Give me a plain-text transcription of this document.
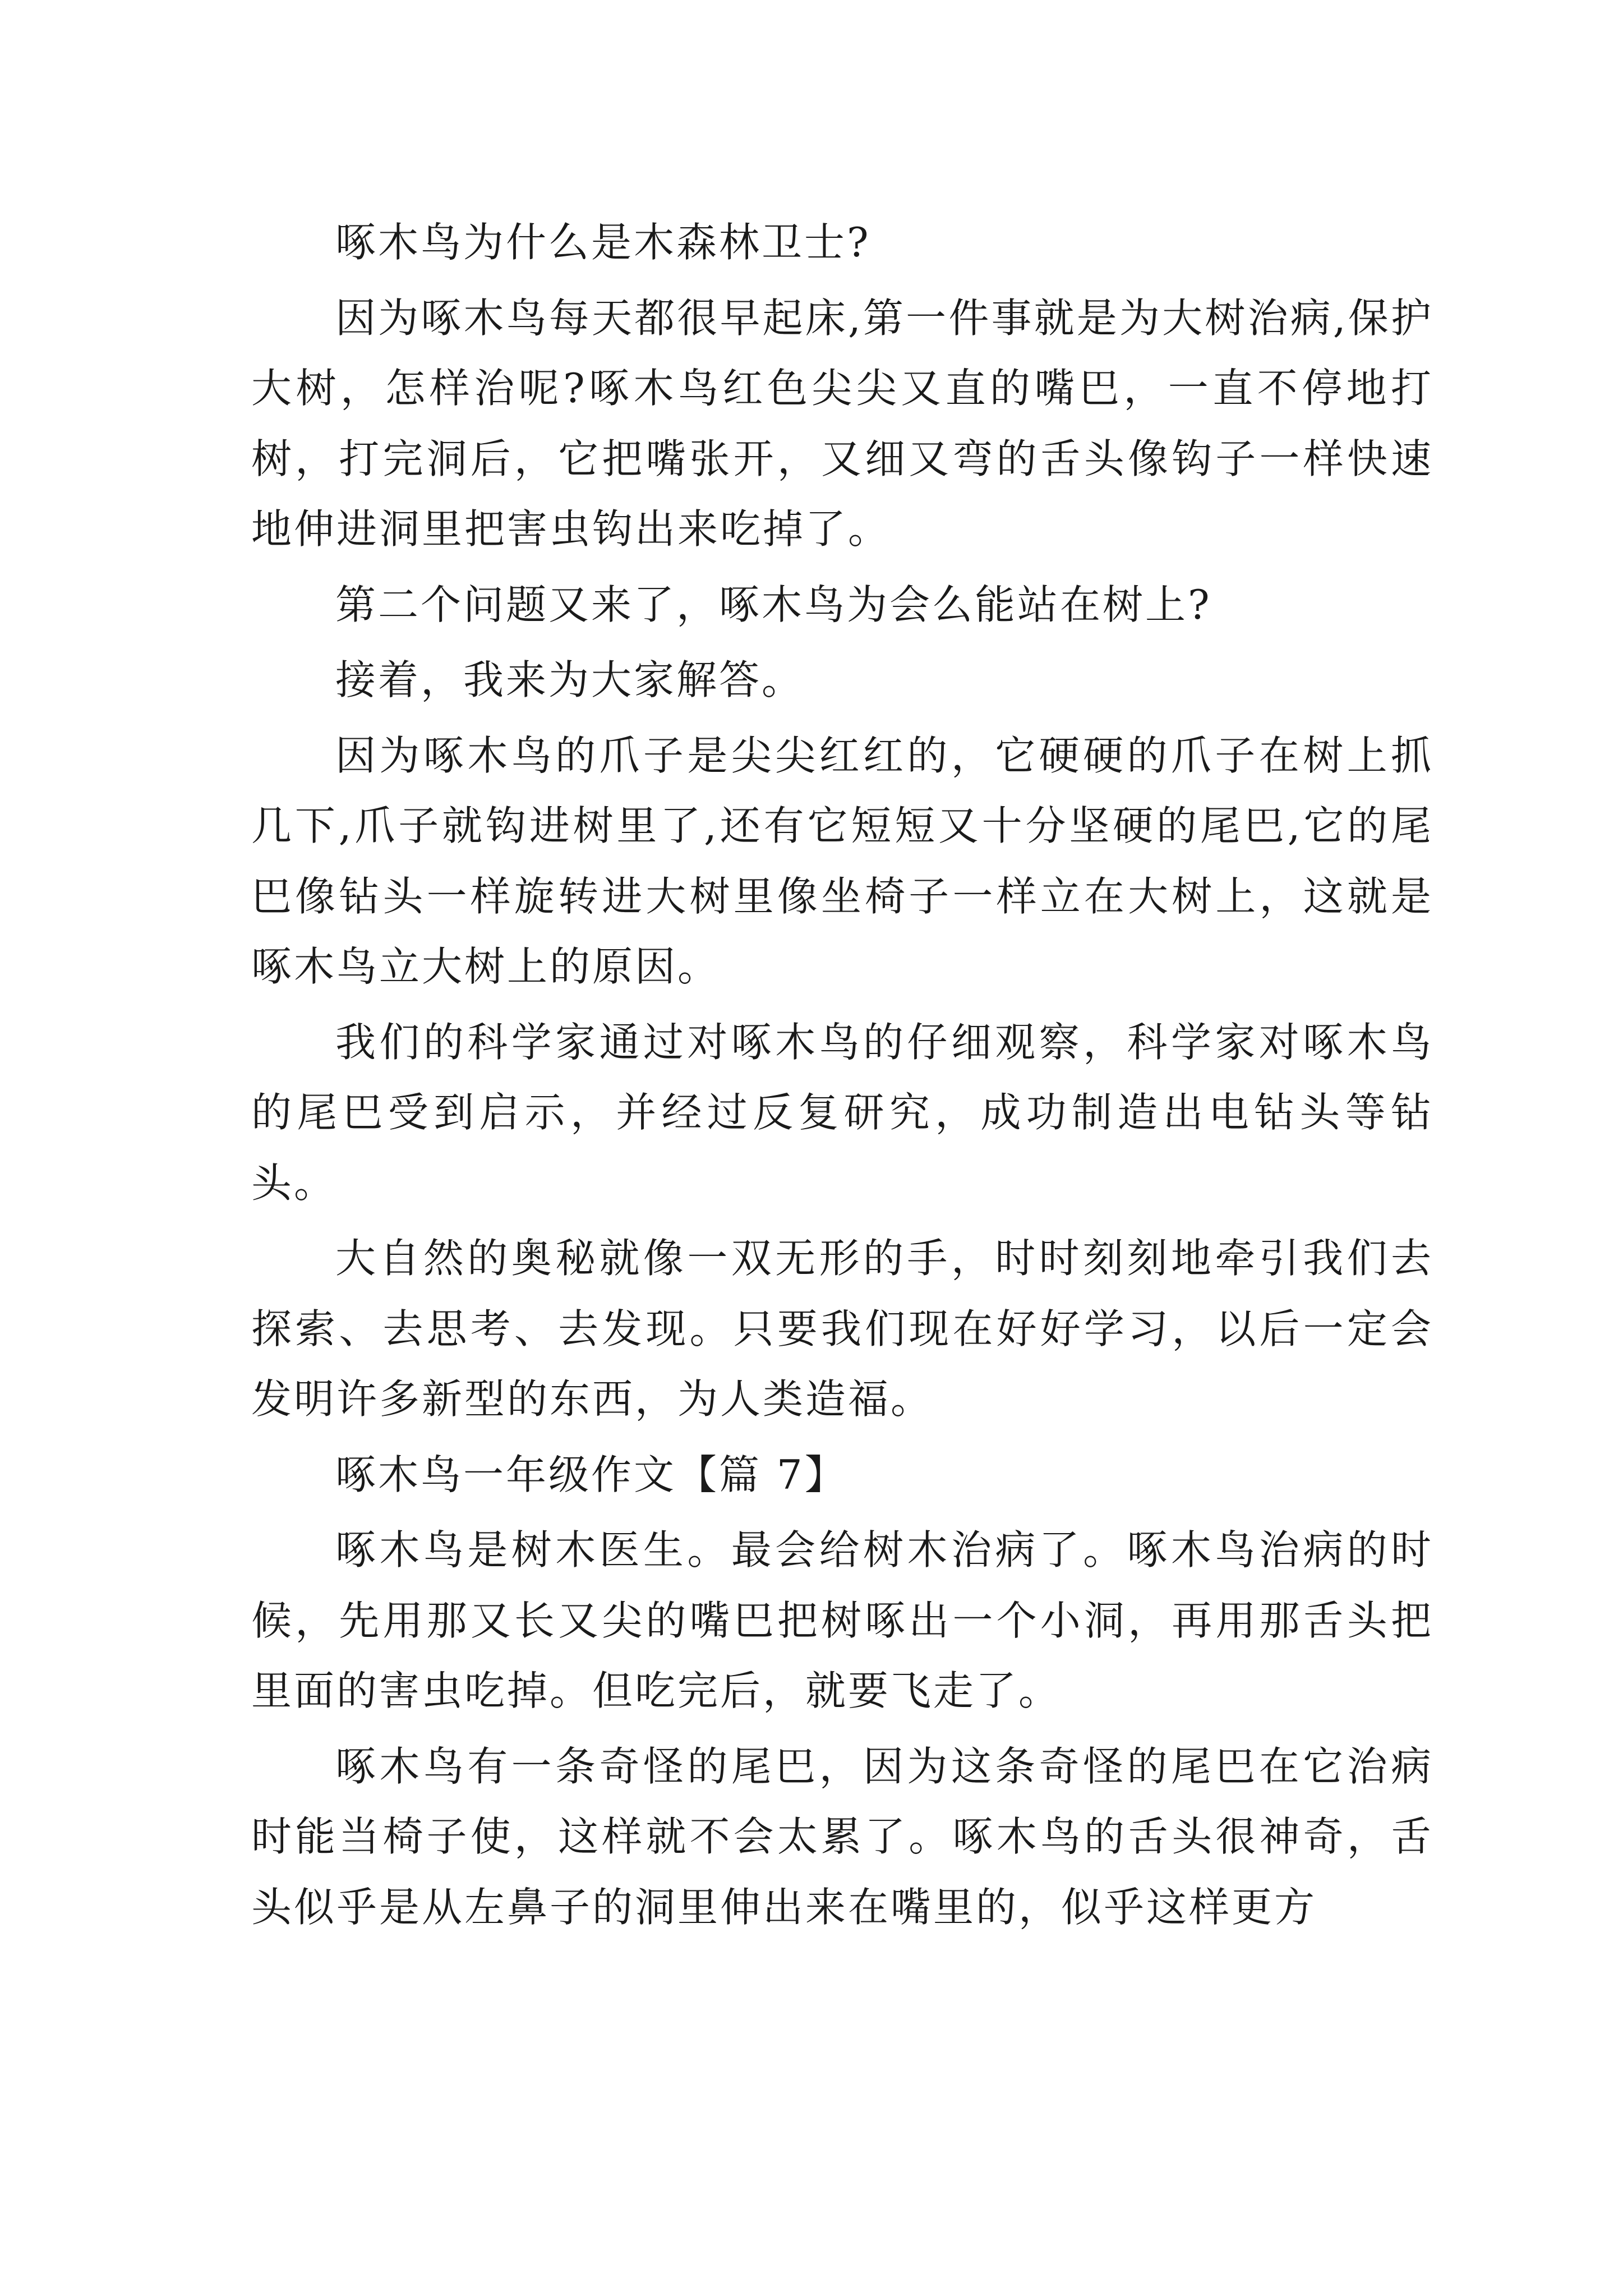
啄木鸟为什么是木森林卫士?

因为啄木鸟每天都很早起床,第一件事就是为大树治病,保护大树，怎样治呢?啄木鸟红色尖尖又直的嘴巴，一直不停地打树，打完洞后，它把嘴张开，又细又弯的舌头像钩子一样快速地伸进洞里把害虫钩出来吃掉了。

第二个问题又来了，啄木鸟为会么能站在树上?

接着，我来为大家解答。

因为啄木鸟的爪子是尖尖红红的，它硬硬的爪子在树上抓几下,爪子就钩进树里了,还有它短短又十分坚硬的尾巴,它的尾巴像钻头一样旋转进大树里像坐椅子一样立在大树上，这就是啄木鸟立大树上的原因。

我们的科学家通过对啄木鸟的仔细观察，科学家对啄木鸟的尾巴受到启示，并经过反复研究，成功制造出电钻头等钻头。

大自然的奥秘就像一双无形的手，时时刻刻地牵引我们去探索、去思考、去发现。只要我们现在好好学习，以后一定会发明许多新型的东西，为人类造福。

啄木鸟一年级作文【篇 7】

啄木鸟是树木医生。最会给树木治病了。啄木鸟治病的时候，先用那又长又尖的嘴巴把树啄出一个小洞，再用那舌头把里面的害虫吃掉。但吃完后，就要飞走了。

啄木鸟有一条奇怪的尾巴，因为这条奇怪的尾巴在它治病时能当椅子使，这样就不会太累了。啄木鸟的舌头很神奇，舌头似乎是从左鼻子的洞里伸出来在嘴里的，似乎这样更方
